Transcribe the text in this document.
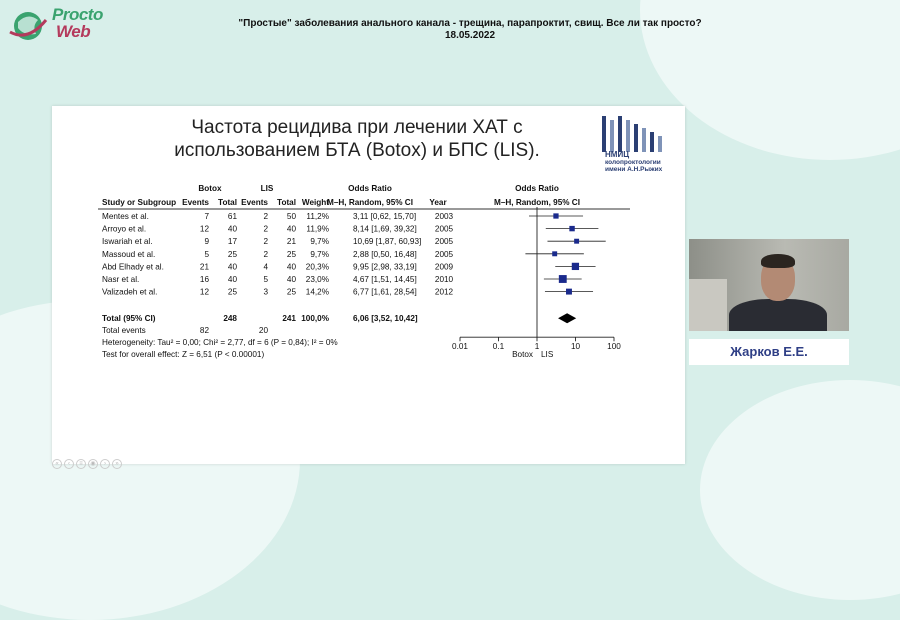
Procto
Web	"Простые" заболевания анального канала - трещина, парапроктит, свищ. Все ли так просто?
18.05.2022
Частота рецидива при лечении ХАТ с
использованием БТА (Botox) и БПС (LIS).	НМИЦ
колопроктологии
имени А.Н.Рыжих
Botox	LIS	Odds Ratio	Odds Ratio
Study or Subgroup Events Total Events Total Weight
M–H, Random, 95% CI Year	M–H, Random, 95% CI
Mentes et al.	7 61	2 50 11,2%	3,11 [0,62, 15,70] 2003
Arroyo et al.	12 40	2 40 11,9%	8,14 [1,69, 39,32] 2005
Iswariah et al.	9 17	2 21 9,7%	10,69 [1,87, 60,93] 2005
Massoud et al.	5 25	2 25 9,7%	2,88 [0,50, 16,48] 2005
Abd Elhady et al.	21 40	4 40 20,3%	9,95 [2,98, 33,19] 2009
Nasr et al.	16 40	5 40 23,0%	4,67 [1,51, 14,45] 2010
Valizadeh et al.	12 25	3 25 14,2%	6,77 [1,61, 28,54] 2012
Total (95% CI)	248	241 100,0%	6,06 [3,52, 10,42]
Total events	82	20
Heterogeneity: Tau² = 0,00; Chi² = 2,77, df = 6 (P = 0,84); I² = 0%
Test for overall effect: Z = 6,51 (P < 0.00001)
0.01	0.1	1	10	100
Botox LIS
« ‹ ≡ ◉ › »
Жарков Е.Е.
